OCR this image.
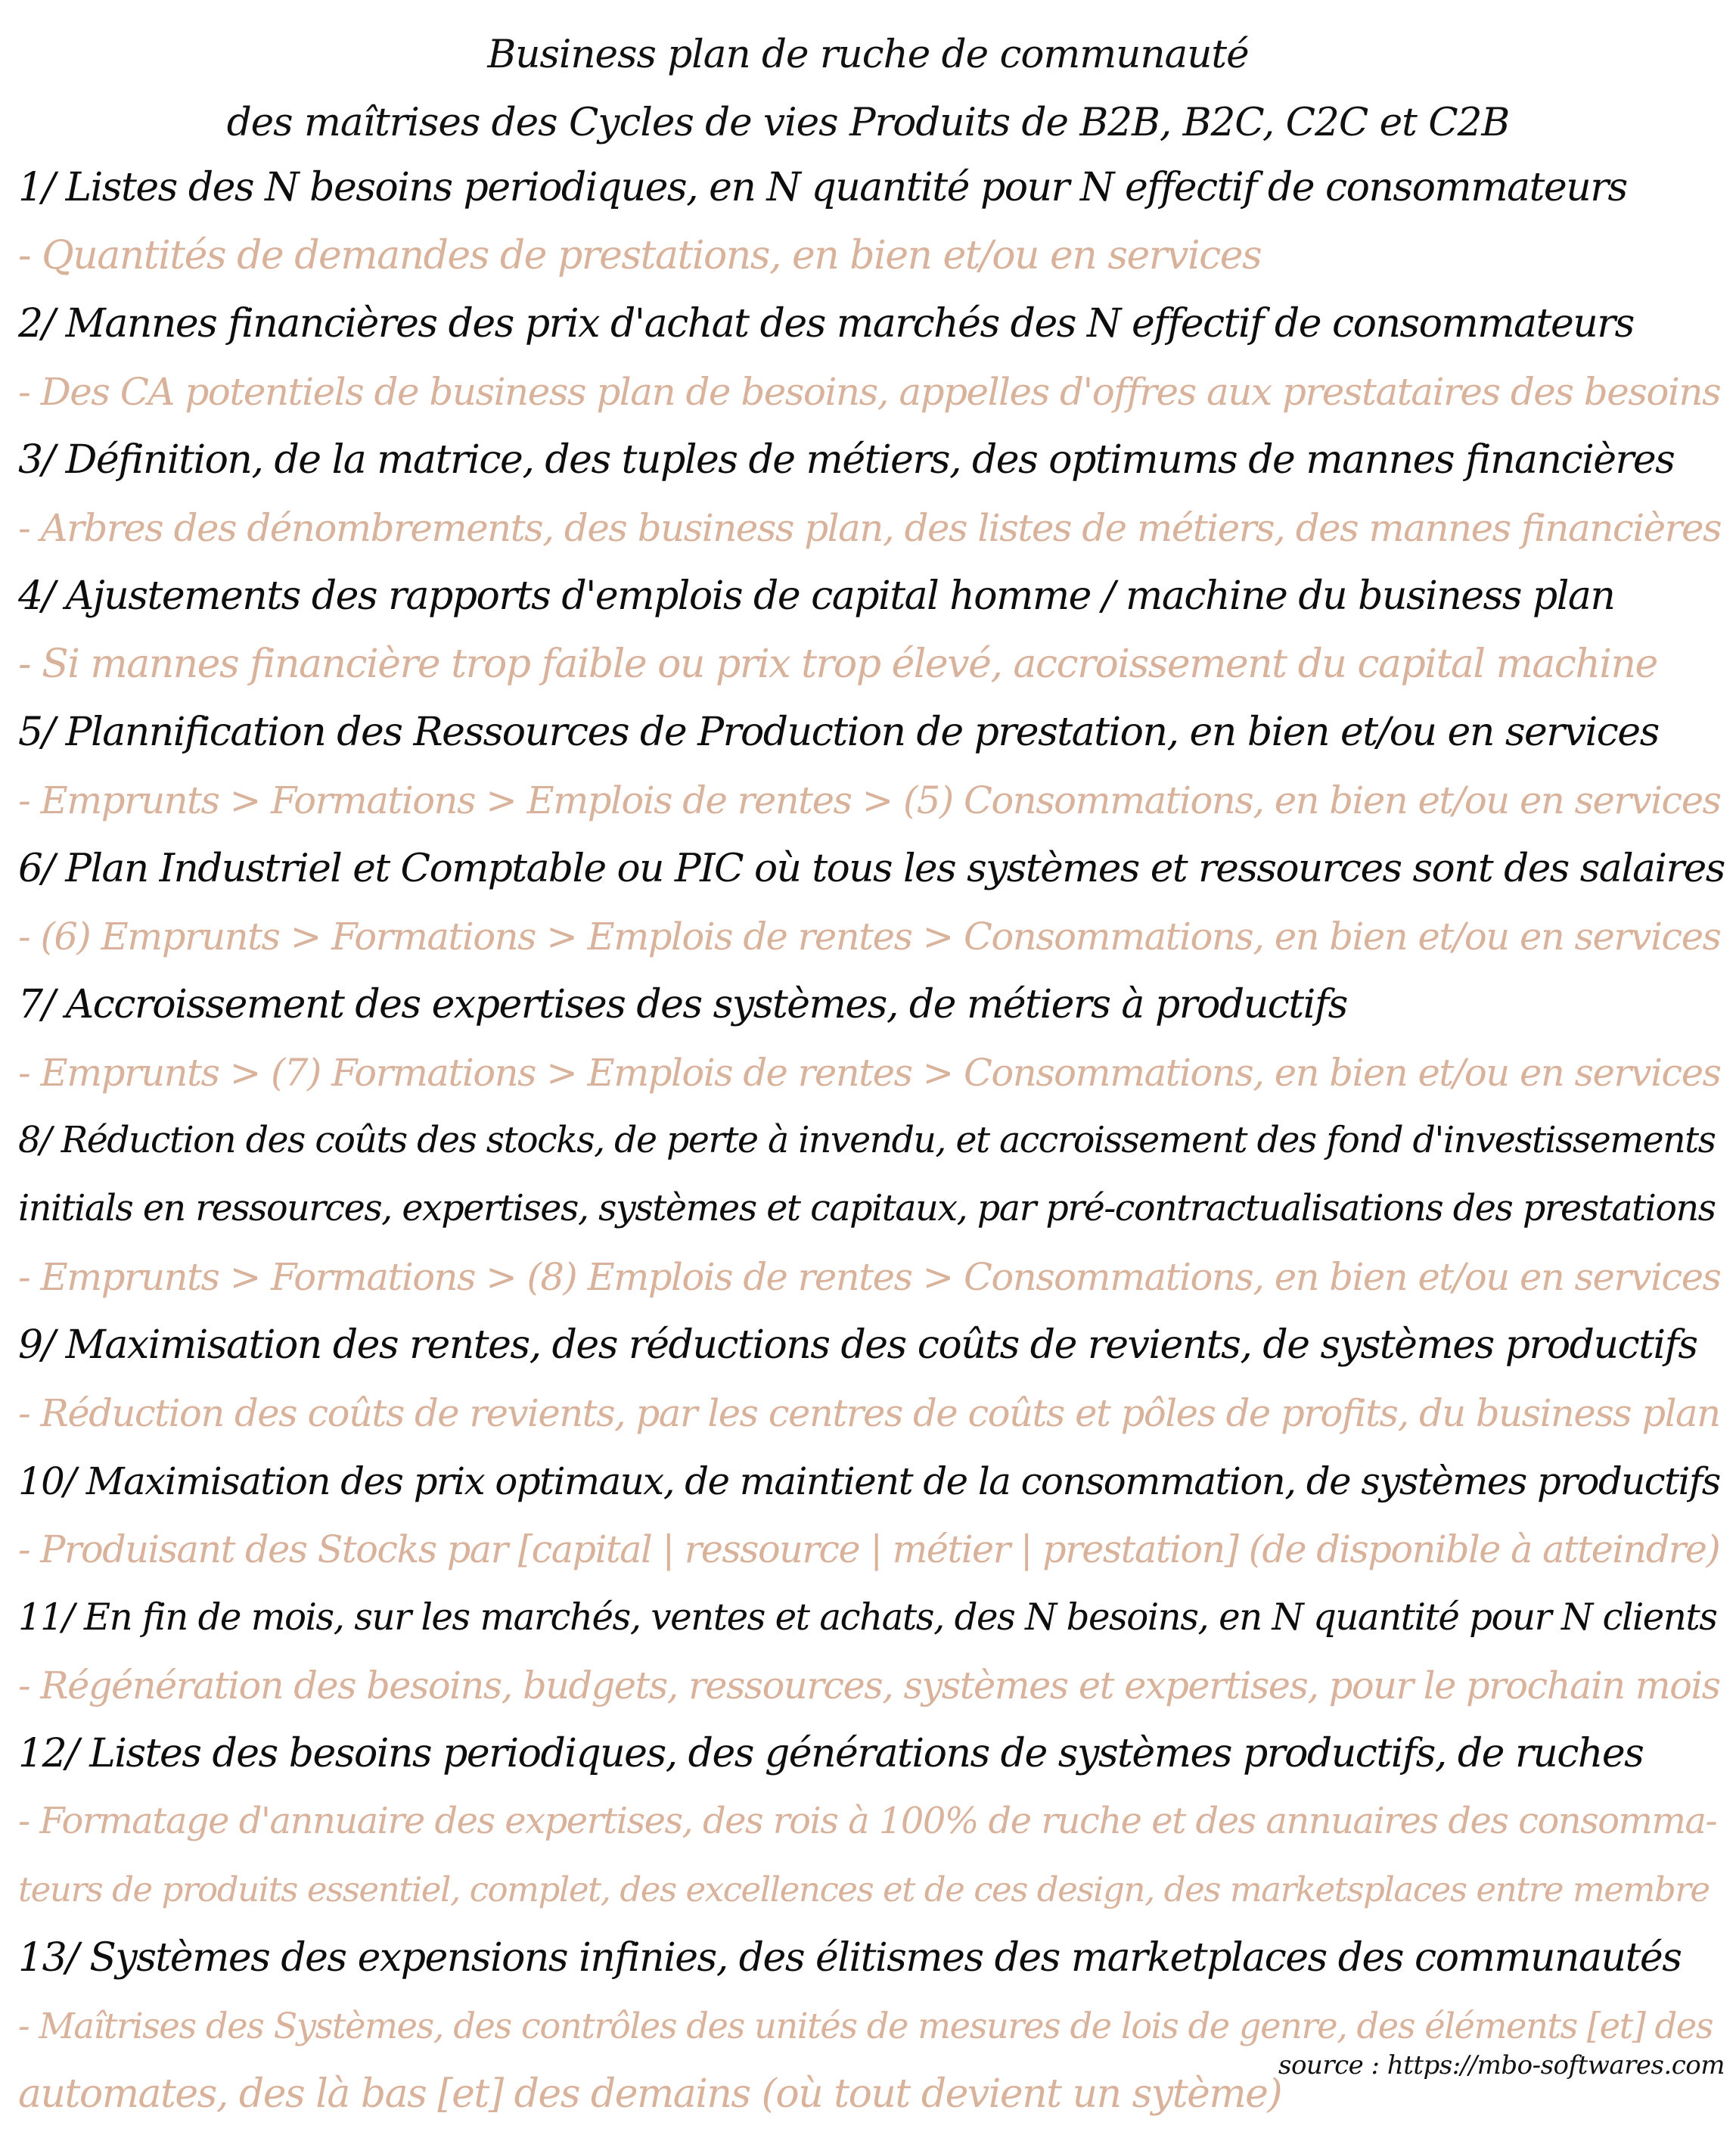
Business plan de ruche de communauté
des maîtrises des Cycles de vies Produits de B2B, B2C, C2C et C2B
1/ Listes des N besoins periodiques, en N quantité pour N effectif de consommateurs
- Quantités de demandes de prestations, en bien et/ou en services
2/ Mannes financières des prix d'achat des marchés des N effectif de consommateurs
- Des CA potentiels de business plan de besoins, appelles d'offres aux prestataires des besoins
3/ Définition, de la matrice, des tuples de métiers, des optimums de mannes financières
- Arbres des dénombrements, des business plan, des listes de métiers, des mannes financières
4/ Ajustements des rapports d'emplois de capital homme / machine du business plan
- Si mannes financière trop faible ou prix trop élevé, accroissement du capital machine
5/ Plannification des Ressources de Production de prestation, en bien et/ou en services
- Emprunts > Formations > Emplois de rentes > (5) Consommations, en bien et/ou en services
6/ Plan Industriel et Comptable ou PIC où tous les systèmes et ressources sont des salaires
- (6) Emprunts > Formations > Emplois de rentes > Consommations, en bien et/ou en services
7/ Accroissement des expertises des systèmes, de métiers à productifs
- Emprunts > (7) Formations > Emplois de rentes > Consommations, en bien et/ou en services
8/ Réduction des coûts des stocks, de perte à invendu, et accroissement des fond d'investissements
initials en ressources, expertises, systèmes et capitaux, par pré-contractualisations des prestations
- Emprunts > Formations > (8) Emplois de rentes > Consommations, en bien et/ou en services
9/ Maximisation des rentes, des réductions des coûts de revients, de systèmes productifs
- Réduction des coûts de revients, par les centres de coûts et pôles de profits, du business plan
10/ Maximisation des prix optimaux, de maintient de la consommation, de systèmes productifs
- Produisant des Stocks par [capital | ressource | métier | prestation] (de disponible à atteindre)
11/ En fin de mois, sur les marchés, ventes et achats, des N besoins, en N quantité pour N clients
- Régénération des besoins, budgets, ressources, systèmes et expertises, pour le prochain mois
12/ Listes des besoins periodiques, des générations de systèmes productifs, de ruches
- Formatage d'annuaire des expertises, des rois à 100% de ruche et des annuaires des consomma-
teurs de produits essentiel, complet, des excellences et de ces design, des marketsplaces entre membre
13/ Systèmes des expensions infinies, des élitismes des marketplaces des communautés
- Maîtrises des Systèmes, des contrôles des unités de mesures de lois de genre, des éléments [et] des
automates, des là bas [et] des demains (où tout devient un sytème)
source : https://mbo-softwares.com
